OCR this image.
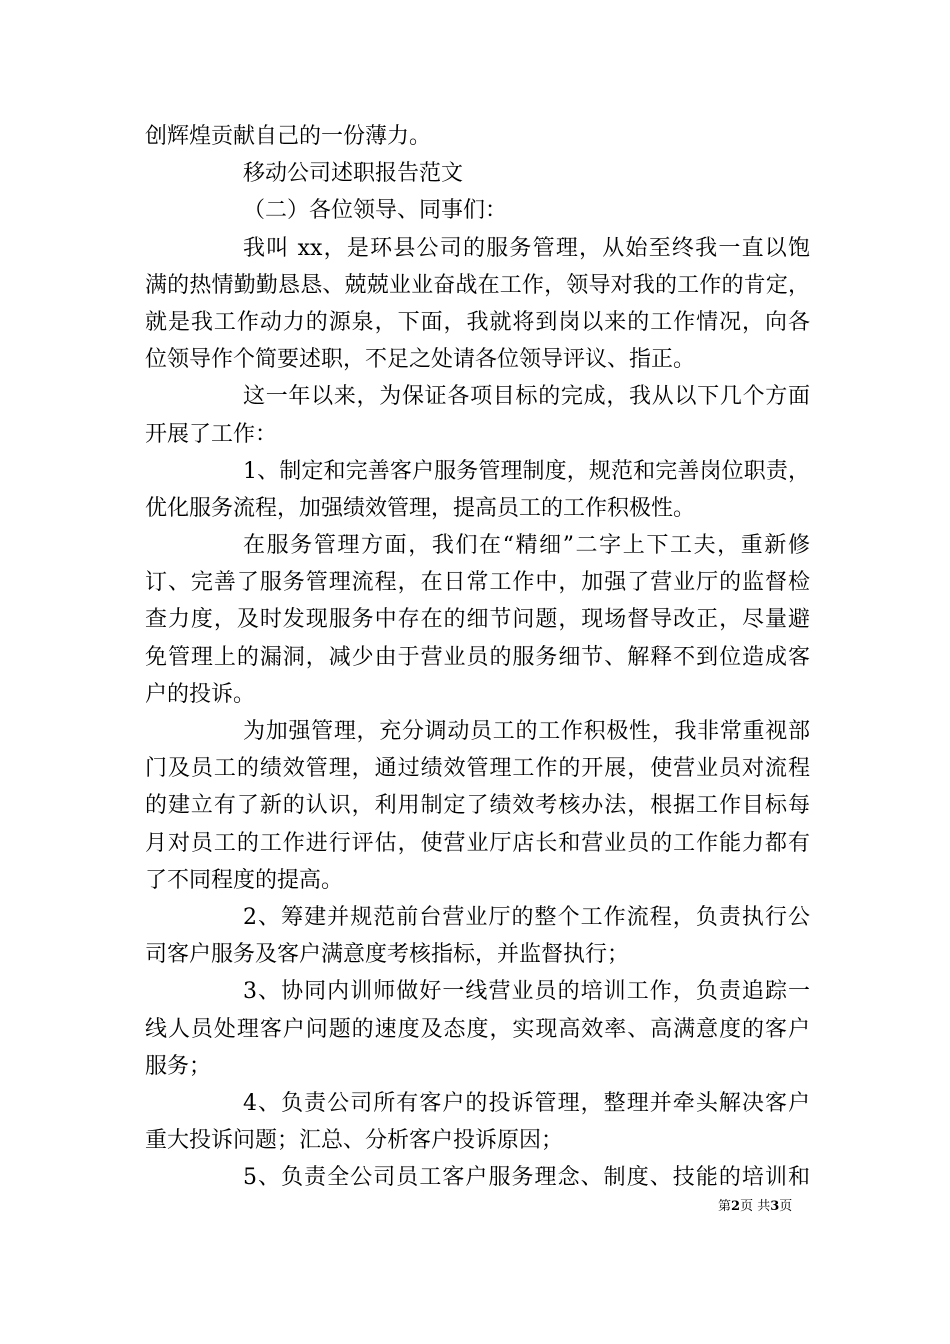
创辉煌贡献自己的一份薄力。
移动公司述职报告范文
（二）各位领导、同事们：
我叫 xx，是环县公司的服务管理，从始至终我一直以饱
满的热情勤勤恳恳、兢兢业业奋战在工作，领导对我的工作的肯定，
就是我工作动力的源泉，下面，我就将到岗以来的工作情况，向各
位领导作个简要述职，不足之处请各位领导评议、指正。
这一年以来，为保证各项目标的完成，我从以下几个方面
开展了工作：
1、制定和完善客户服务管理制度，规范和完善岗位职责，
优化服务流程，加强绩效管理，提高员工的工作积极性。
在服务管理方面，我们在“精细”二字上下工夫，重新修
订、完善了服务管理流程，在日常工作中，加强了营业厅的监督检
查力度，及时发现服务中存在的细节问题，现场督导改正，尽量避
免管理上的漏洞，减少由于营业员的服务细节、解释不到位造成客
户的投诉。
为加强管理，充分调动员工的工作积极性，我非常重视部
门及员工的绩效管理，通过绩效管理工作的开展，使营业员对流程
的建立有了新的认识，利用制定了绩效考核办法，根据工作目标每
月对员工的工作进行评估，使营业厅店长和营业员的工作能力都有
了不同程度的提高。
2、筹建并规范前台营业厅的整个工作流程，负责执行公
司客户服务及客户满意度考核指标，并监督执行；
3、协同内训师做好一线营业员的培训工作，负责追踪一
线人员处理客户问题的速度及态度，实现高效率、高满意度的客户
服务；
4、负责公司所有客户的投诉管理，整理并牵头解决客户
重大投诉问题；汇总、分析客户投诉原因；
5、负责全公司员工客户服务理念、制度、技能的培训和
第2页 共3页
